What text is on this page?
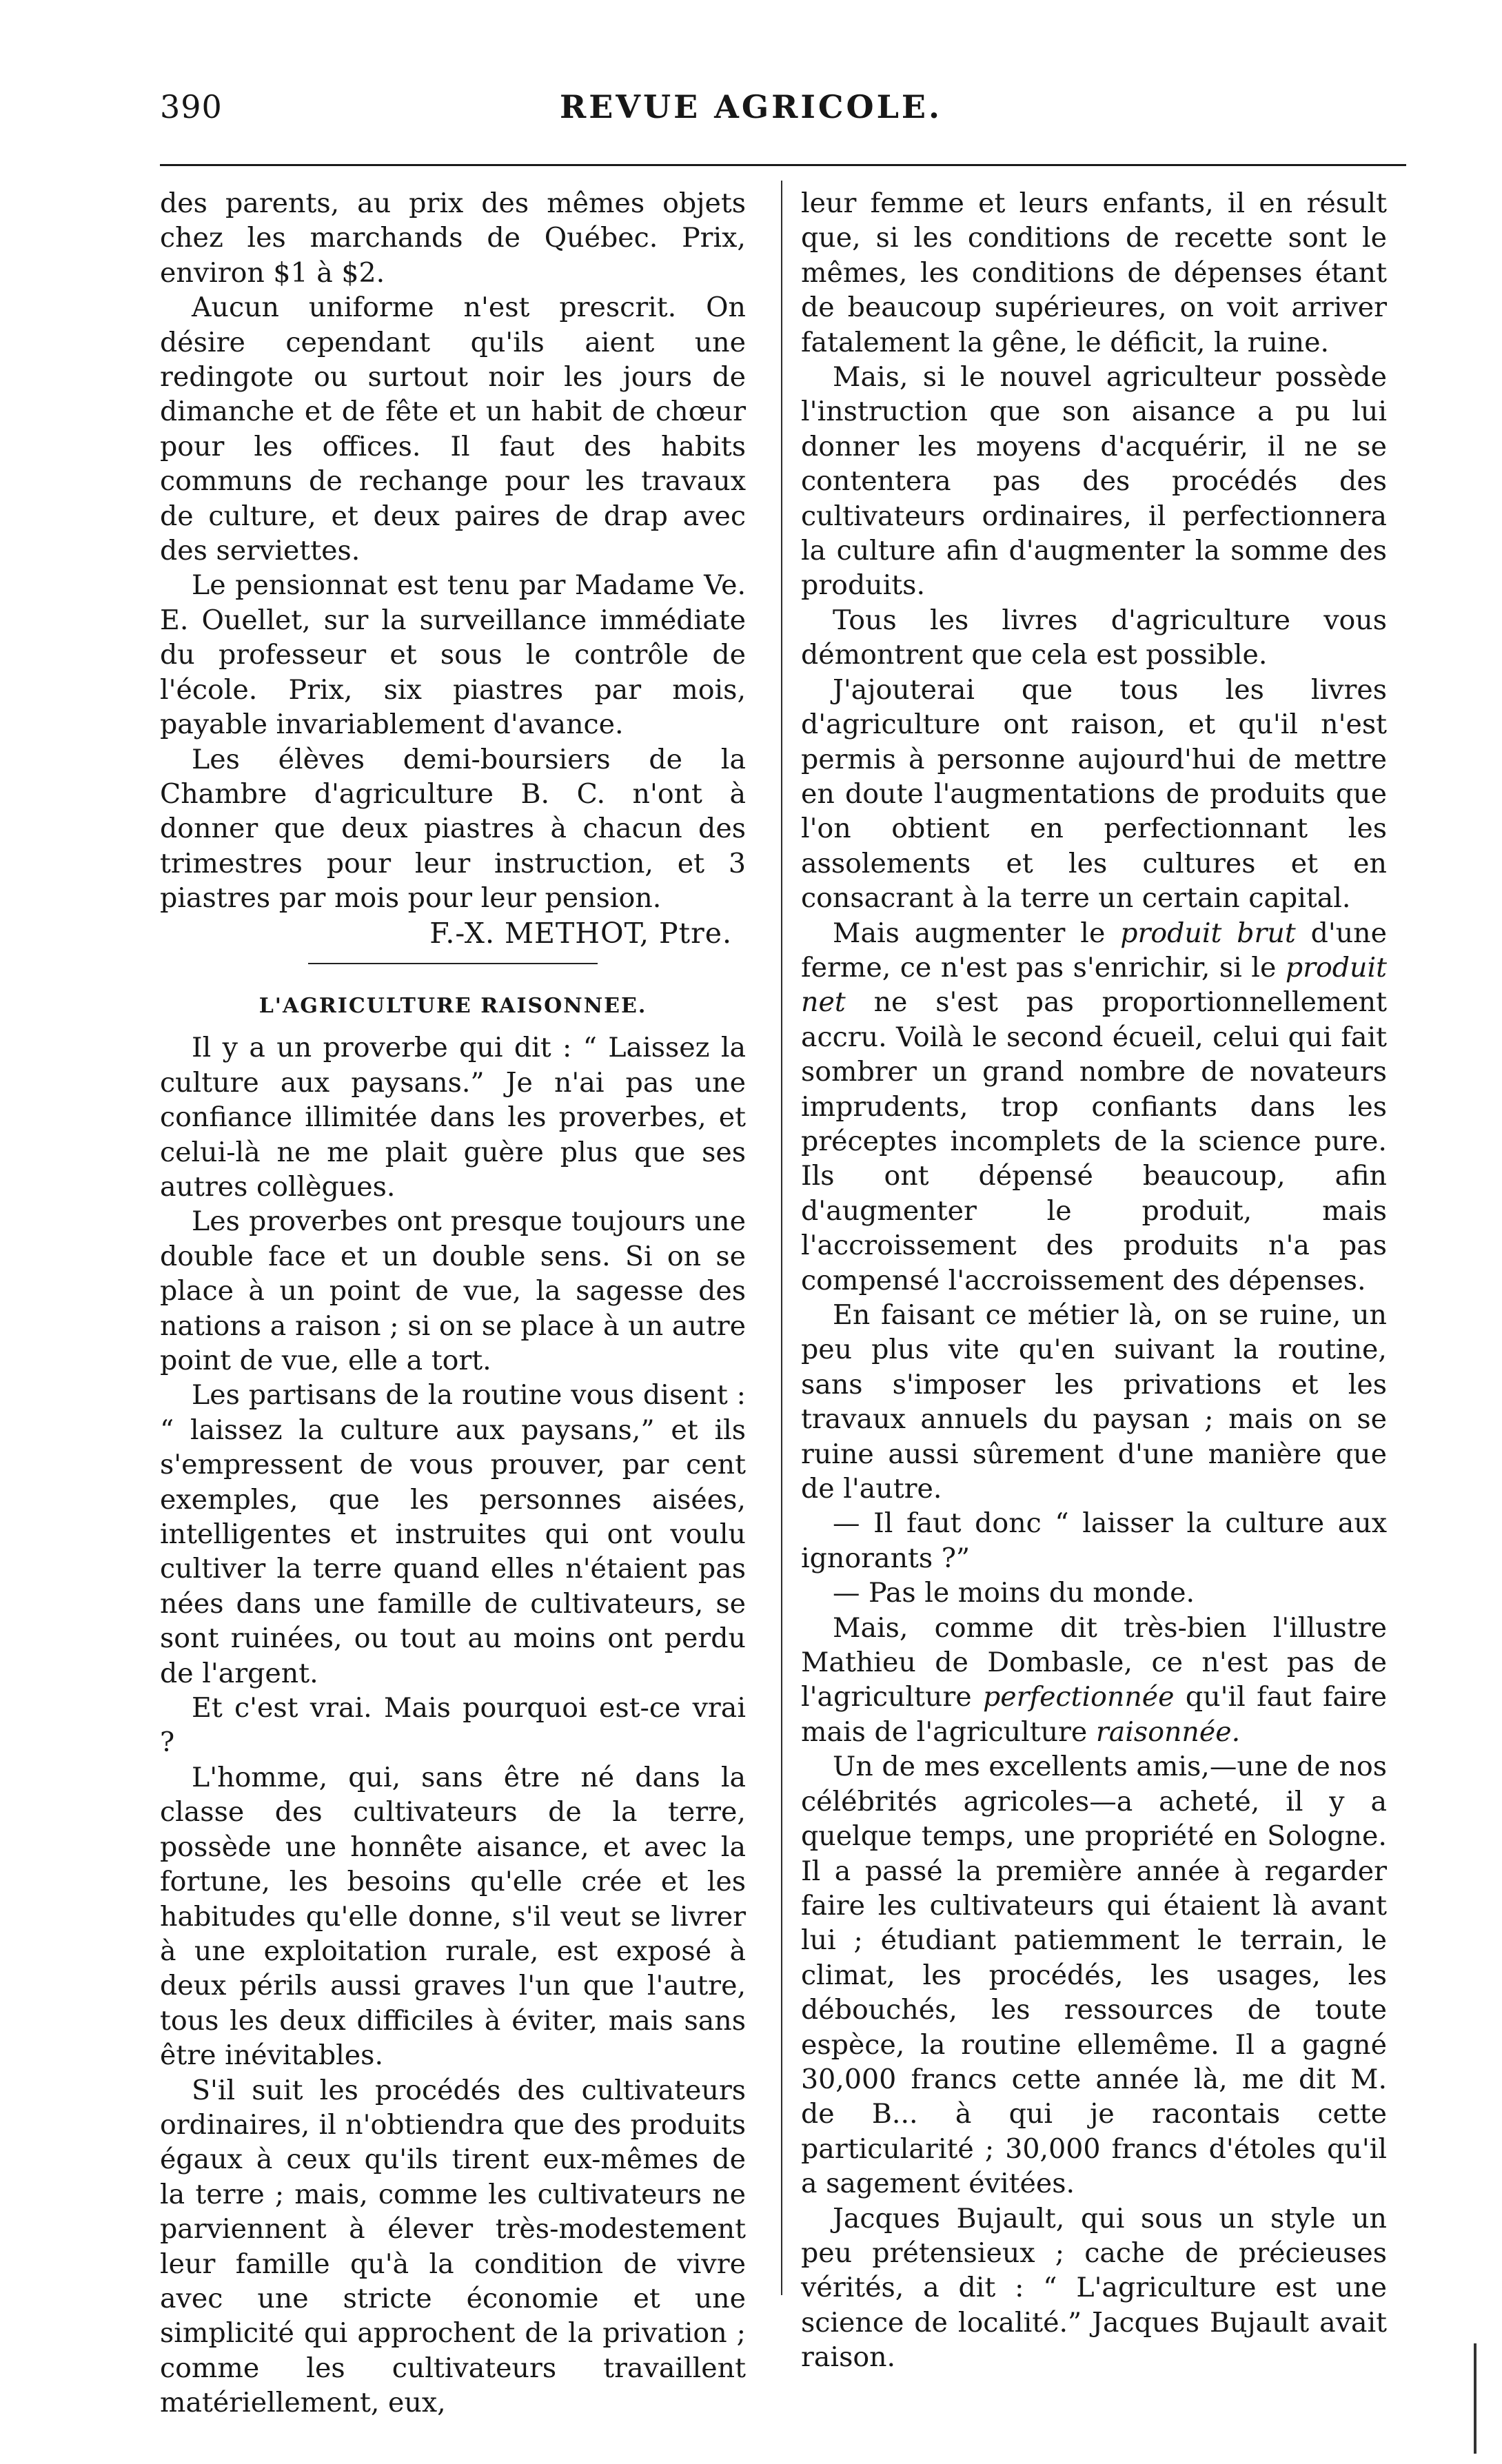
390	REVUE AGRICOLE.

des parents, au prix des mêmes objets chez les marchands de Québec. Prix, environ $1 à $2.

Aucun uniforme n'est prescrit. On désire cependant qu'ils aient une redingote ou surtout noir les jours de dimanche et de fête et un habit de chœur pour les offices. Il faut des habits communs de rechange pour les travaux de culture, et deux paires de drap avec des serviettes.

Le pensionnat est tenu par Madame Ve. E. Ouellet, sur la surveillance immédiate du professeur et sous le contrôle de l'école. Prix, six piastres par mois, payable invariablement d'avance.

Les élèves demi-boursiers de la Chambre d'agriculture B. C. n'ont à donner que deux piastres à chacun des trimestres pour leur instruction, et 3 piastres par mois pour leur pension.

F.-X. METHOT, Ptre.

L'AGRICULTURE RAISONNEE.

Il y a un proverbe qui dit : “ Laissez la culture aux paysans.” Je n'ai pas une confiance illimitée dans les proverbes, et celui-là ne me plait guère plus que ses autres collègues.

Les proverbes ont presque toujours une double face et un double sens. Si on se place à un point de vue, la sagesse des nations a raison ; si on se place à un autre point de vue, elle a tort.

Les partisans de la routine vous disent : “ laissez la culture aux paysans,” et ils s'empressent de vous prouver, par cent exemples, que les personnes aisées, intelligentes et instruites qui ont voulu cultiver la terre quand elles n'étaient pas nées dans une famille de cultivateurs, se sont ruinées, ou tout au moins ont perdu de l'argent.

Et c'est vrai. Mais pourquoi est-ce vrai ?

L'homme, qui, sans être né dans la classe des cultivateurs de la terre, possède une honnête aisance, et avec la fortune, les besoins qu'elle crée et les habitudes qu'elle donne, s'il veut se livrer à une exploitation rurale, est exposé à deux périls aussi graves l'un que l'autre, tous les deux difficiles à éviter, mais sans être inévitables.

S'il suit les procédés des cultivateurs ordinaires, il n'obtiendra que des produits égaux à ceux qu'ils tirent eux-mêmes de la terre ; mais, comme les cultivateurs ne parviennent à élever très-modestement leur famille qu'à la condition de vivre avec une stricte économie et une simplicité qui approchent de la privation ; comme les cultivateurs travaillent matériellement, eux,

leur femme et leurs enfants, il en résult que, si les conditions de recette sont le mêmes, les conditions de dépenses étant de beaucoup supérieures, on voit arriver fatalement la gêne, le déficit, la ruine.

Mais, si le nouvel agriculteur possède l'instruction que son aisance a pu lui donner les moyens d'acquérir, il ne se contentera pas des procédés des cultivateurs ordinaires, il perfectionnera la culture afin d'augmenter la somme des produits.

Tous les livres d'agriculture vous démontrent que cela est possible.

J'ajouterai que tous les livres d'agriculture ont raison, et qu'il n'est permis à personne aujourd'hui de mettre en doute l'augmentations de produits que l'on obtient en perfectionnant les assolements et les cultures et en consacrant à la terre un certain capital.

Mais augmenter le produit brut d'une ferme, ce n'est pas s'enrichir, si le produit net ne s'est pas proportionnellement accru. Voilà le second écueil, celui qui fait sombrer un grand nombre de novateurs imprudents, trop confiants dans les préceptes incomplets de la science pure. Ils ont dépensé beaucoup, afin d'augmenter le produit, mais l'accroissement des produits n'a pas compensé l'accroissement des dépenses.

En faisant ce métier là, on se ruine, un peu plus vite qu'en suivant la routine, sans s'imposer les privations et les travaux annuels du paysan ; mais on se ruine aussi sûrement d'une manière que de l'autre.

— Il faut donc “ laisser la culture aux ignorants ?”

— Pas le moins du monde.

Mais, comme dit très-bien l'illustre Mathieu de Dombasle, ce n'est pas de l'agriculture perfectionnée qu'il faut faire mais de l'agriculture raisonnée.

Un de mes excellents amis,—une de nos célébrités agricoles—a acheté, il y a quelque temps, une propriété en Sologne. Il a passé la première année à regarder faire les cultivateurs qui étaient là avant lui ; étudiant patiemment le terrain, le climat, les procédés, les usages, les débouchés, les ressources de toute espèce, la routine ellemême. Il a gagné 30,000 francs cette année là, me dit M. de B... à qui je racontais cette particularité ; 30,000 francs d'étoles qu'il a sagement évitées.

Jacques Bujault, qui sous un style un peu prétensieux ; cache de précieuses vérités, a dit : “ L'agriculture est une science de localité.” Jacques Bujault avait raison.
